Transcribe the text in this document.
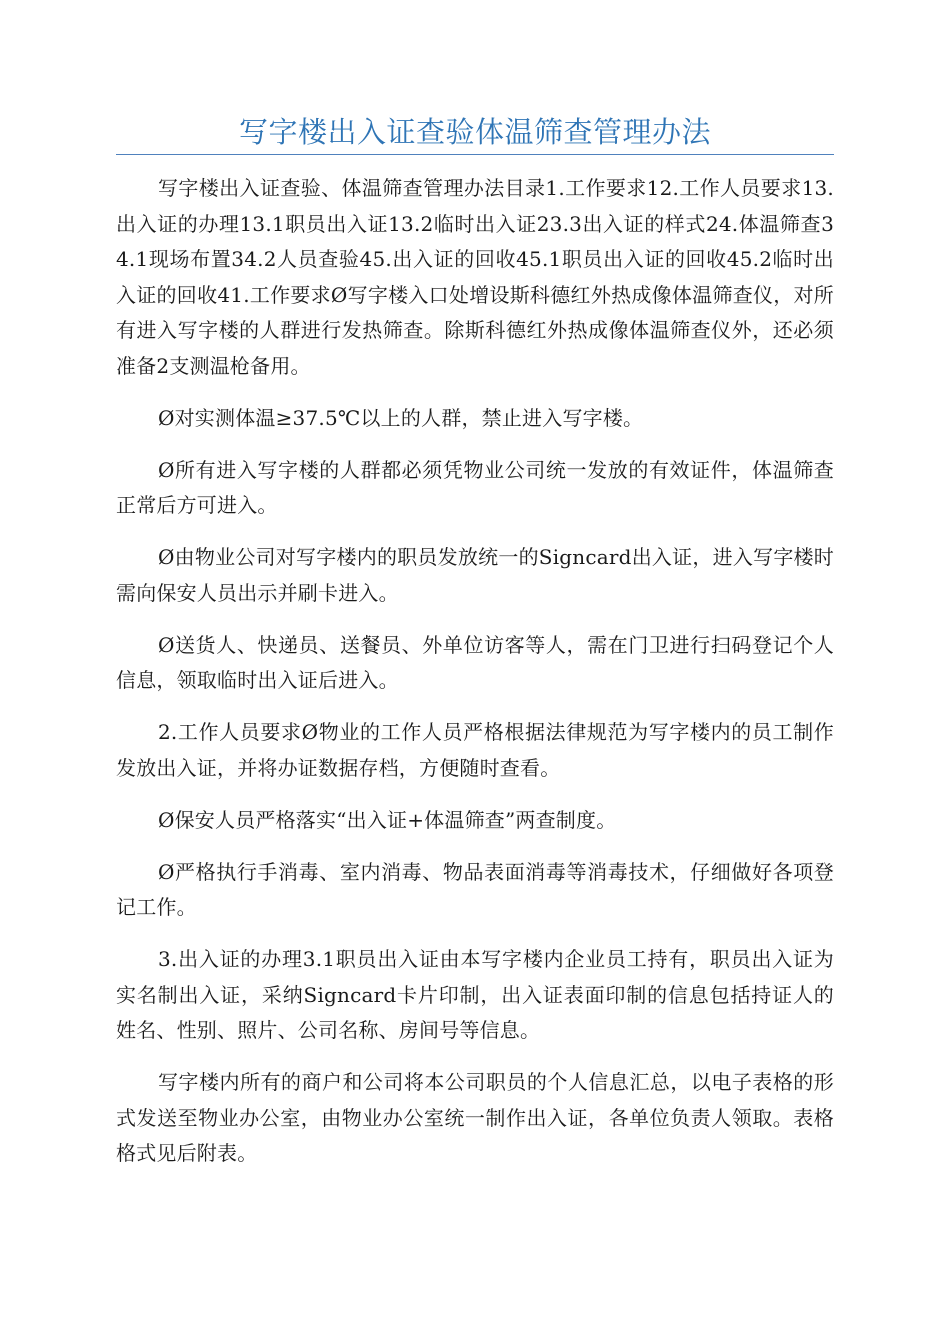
写字楼出入证查验体温筛查管理办法

写字楼出入证查验、体温筛查管理办法目录1.工作要求12.工作人员要求13.出入证的办理13.1职员出入证13.2临时出入证23.3出入证的样式24.体温筛查34.1现场布置34.2人员查验45.出入证的回收45.1职员出入证的回收45.2临时出入证的回收41.工作要求Ø写字楼入口处增设斯科德红外热成像体温筛查仪，对所有进入写字楼的人群进行发热筛查。除斯科德红外热成像体温筛查仪外，还必须准备2支测温枪备用。

Ø对实测体温≥37.5℃以上的人群，禁止进入写字楼。

Ø所有进入写字楼的人群都必须凭物业公司统一发放的有效证件，体温筛查正常后方可进入。

Ø由物业公司对写字楼内的职员发放统一的Signcard出入证，进入写字楼时需向保安人员出示并刷卡进入。

Ø送货人、快递员、送餐员、外单位访客等人，需在门卫进行扫码登记个人信息，领取临时出入证后进入。

2.工作人员要求Ø物业的工作人员严格根据法律规范为写字楼内的员工制作发放出入证，并将办证数据存档，方便随时查看。

Ø保安人员严格落实“出入证+体温筛查”两查制度。

Ø严格执行手消毒、室内消毒、物品表面消毒等消毒技术，仔细做好各项登记工作。

3.出入证的办理3.1职员出入证由本写字楼内企业员工持有，职员出入证为实名制出入证，采纳Signcard卡片印制，出入证表面印制的信息包括持证人的姓名、性别、照片、公司名称、房间号等信息。

写字楼内所有的商户和公司将本公司职员的个人信息汇总，以电子表格的形式发送至物业办公室，由物业办公室统一制作出入证，各单位负责人领取。表格格式见后附表。
